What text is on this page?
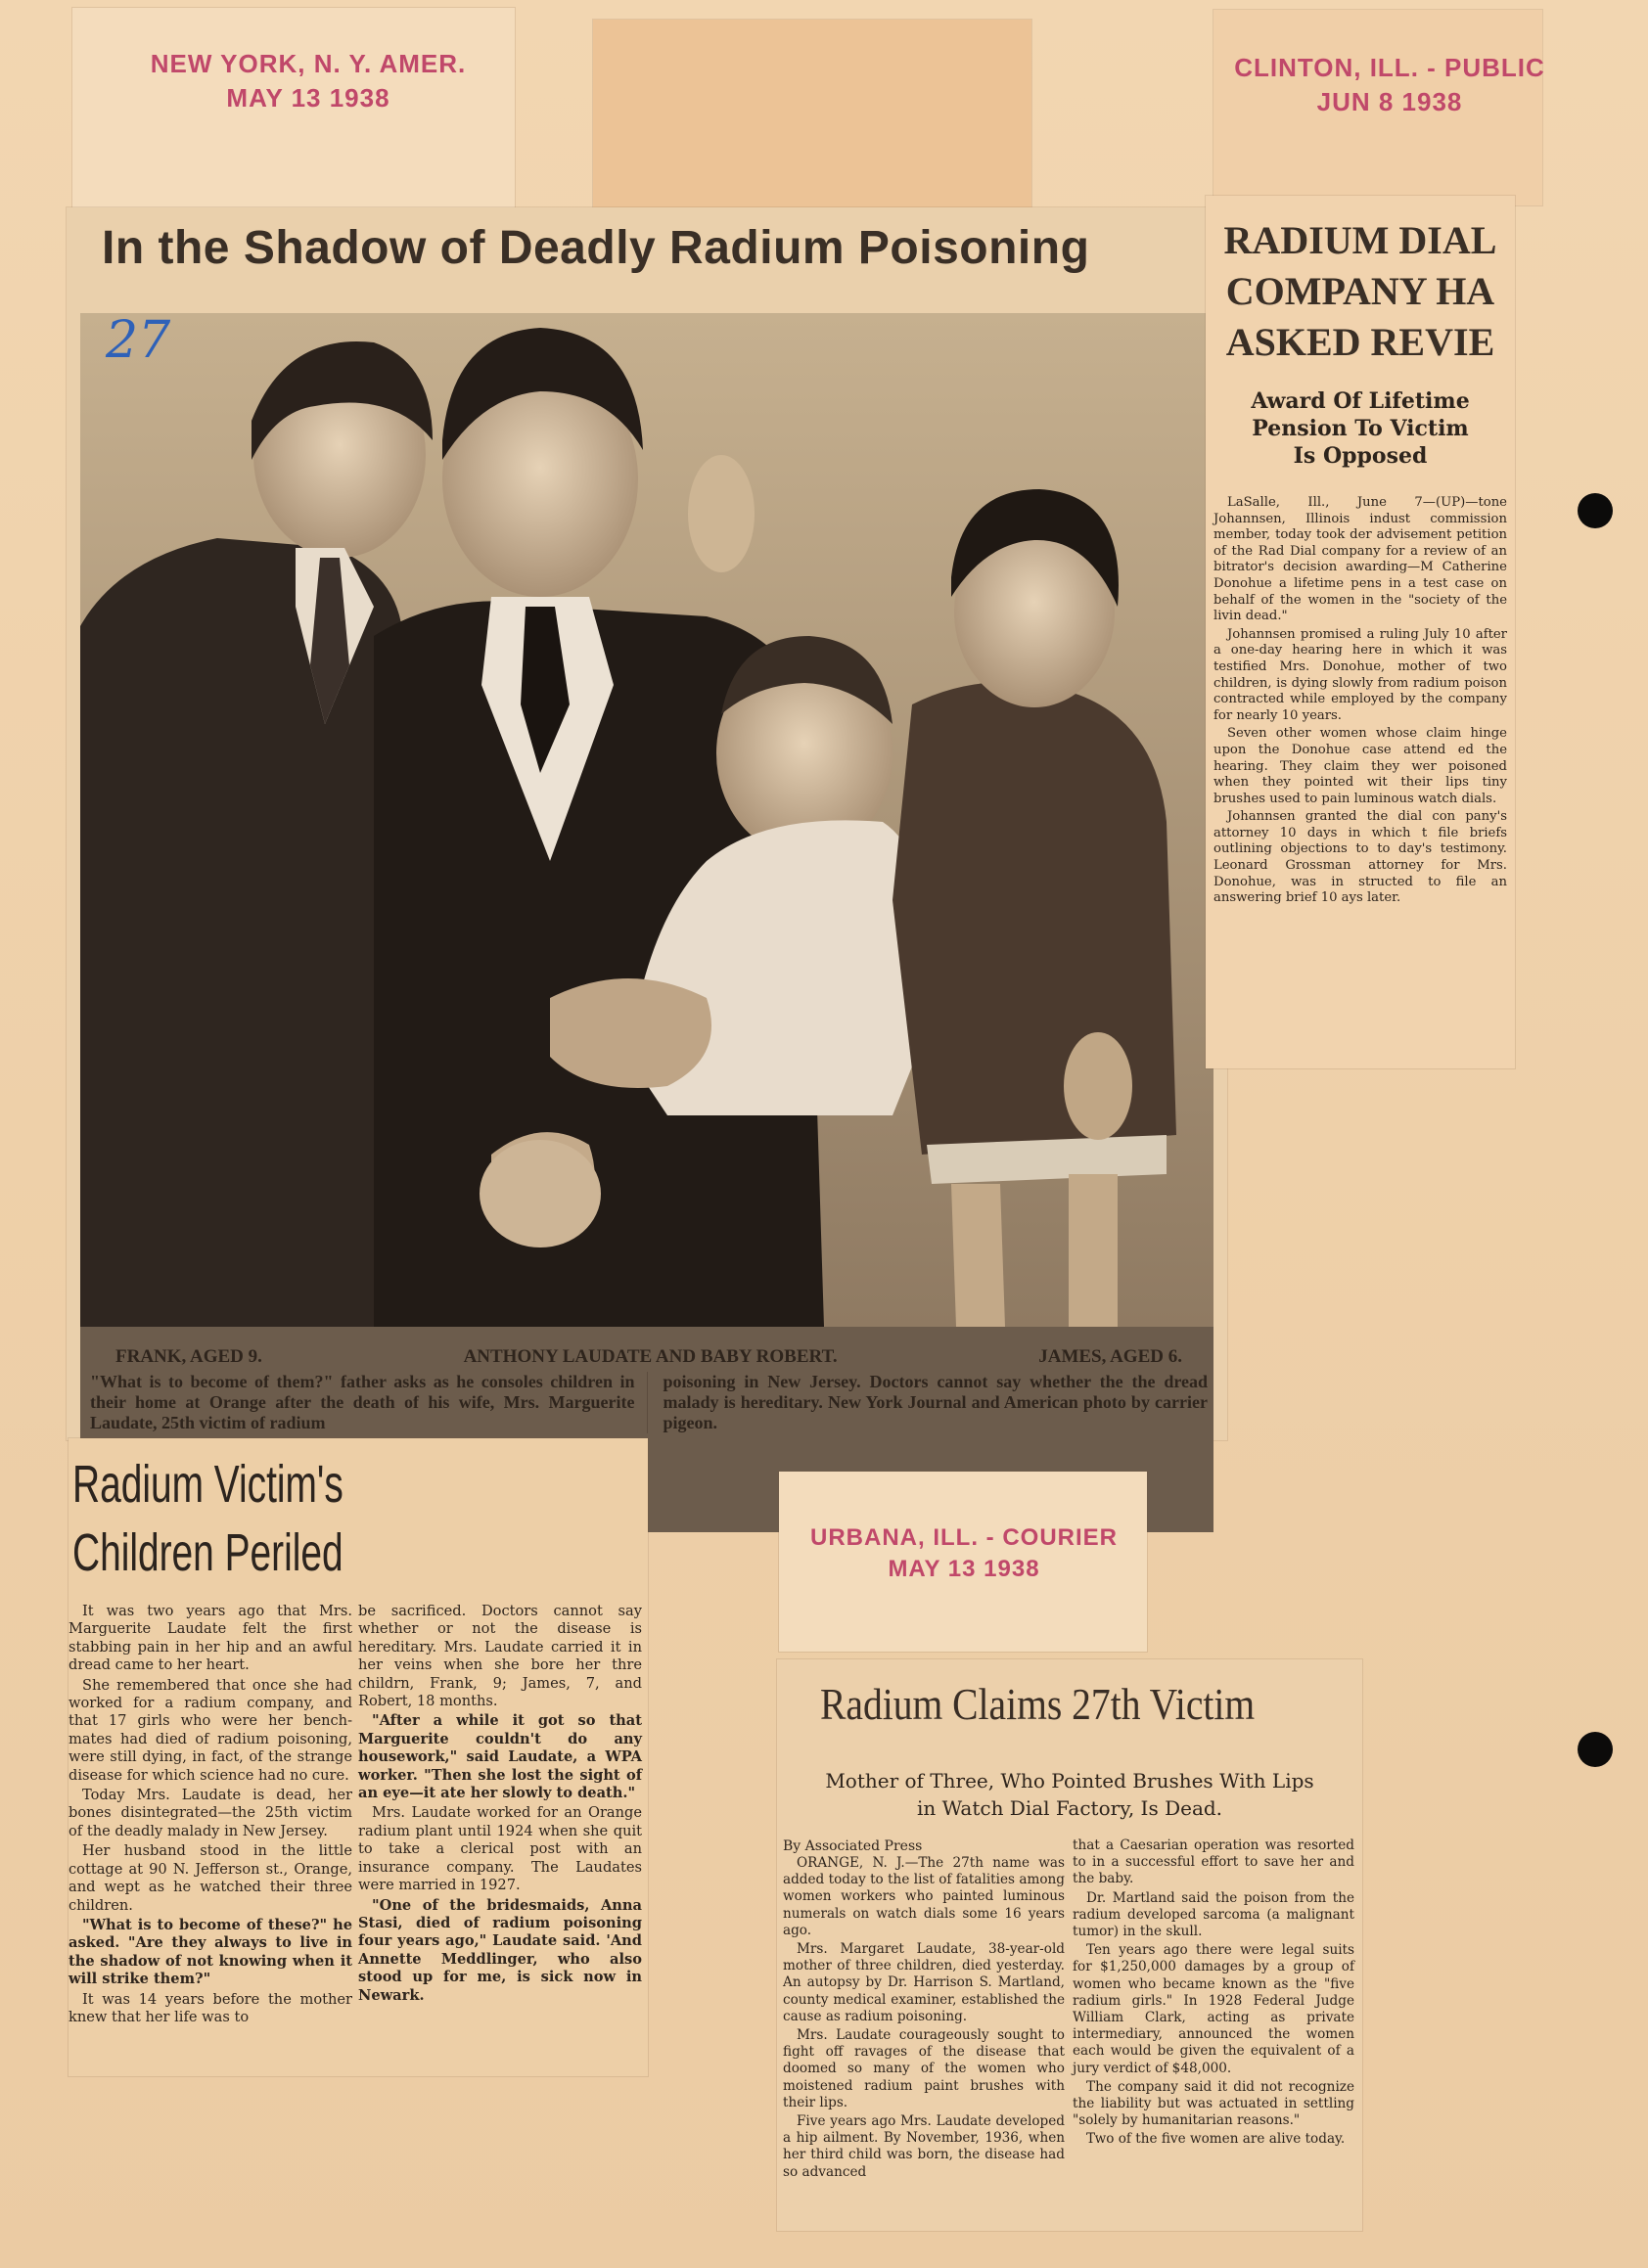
NEW YORK, N. Y. AMER.
MAY 13 1938
CLINTON, ILL. - PUBLIC
JUN 8 1938
In the Shadow of Deadly Radium Poisoning
27
FRANK, AGED 9.	ANTHONY LAUDATE AND BABY ROBERT.	JAMES, AGED 6.
"What is to become of them?" father asks as he consoles children in their home at Orange after the death of his wife, Mrs. Marguerite Laudate, 25th victim of radium
poisoning in New Jersey. Doctors cannot say whether the the dread malady is hereditary. New York Journal and American photo by carrier pigeon.
RADIUM DIAL
COMPANY HA
ASKED REVIE
Award Of Lifetime
Pension To Victim
Is Opposed

LaSalle, Ill., June 7—(UP)—tone Johannsen, Illinois indust commission member, today took der advisement petition of the Rad Dial company for a review of an bitrator's decision awarding—M Catherine Donohue a lifetime pens in a test case on behalf of the women in the "society of the livin dead."

Johannsen promised a ruling July 10 after a one-day hearing here in which it was testified Mrs. Donohue, mother of two children, is dying slowly from radium poison contracted while employed by the company for nearly 10 years.

Seven other women whose claim hinge upon the Donohue case attend ed the hearing. They claim they wer poisoned when they pointed wit their lips tiny brushes used to pain luminous watch dials.

Johannsen granted the dial con pany's attorney 10 days in which t file briefs outlining objections to to day's testimony. Leonard Grossman attorney for Mrs. Donohue, was in structed to file an answering brief 10 ays later.

Radium Victim's
Children Periled

It was two years ago that Mrs. Marguerite Laudate felt the first stabbing pain in her hip and an awful dread came to her heart.

She remembered that once she had worked for a radium company, and that 17 girls who were her bench-mates had died of radium poisoning, were still dying, in fact, of the strange disease for which science had no cure.

Today Mrs. Laudate is dead, her bones disintegrated—the 25th victim of the deadly malady in New Jersey.

Her husband stood in the little cottage at 90 N. Jefferson st., Orange, and wept as he watched their three children.

"What is to become of these?" he asked. "Are they always to live in the shadow of not knowing when it will strike them?"

It was 14 years before the mother knew that her life was to

be sacrificed. Doctors cannot say whether or not the disease is hereditary. Mrs. Laudate carried it in her veins when she bore her thre childrn, Frank, 9; James, 7, and Robert, 18 months.

"After a while it got so that Marguerite couldn't do any housework," said Laudate, a WPA worker. "Then she lost the sight of an eye—it ate her slowly to death."

Mrs. Laudate worked for an Orange radium plant until 1924 when she quit to take a clerical post with an insurance company. The Laudates were married in 1927.

"One of the bridesmaids, Anna Stasi, died of radium poisoning four years ago," Laudate said. 'And Annette Meddlinger, who also stood up for me, is sick now in Newark.

URBANA, ILL. - COURIER
MAY 13 1938
Radium Claims 27th Victim
Mother of Three, Who Pointed Brushes With Lips
in Watch Dial Factory, Is Dead.
By Associated Press

ORANGE, N. J.—The 27th name was added today to the list of fatalities among women workers who painted luminous numerals on watch dials some 16 years ago.

Mrs. Margaret Laudate, 38-year-old mother of three children, died yesterday. An autopsy by Dr. Harrison S. Martland, county medical examiner, established the cause as radium poisoning.

Mrs. Laudate courageously sought to fight off ravages of the disease that doomed so many of the women who moistened radium paint brushes with their lips.

Five years ago Mrs. Laudate developed a hip ailment. By November, 1936, when her third child was born, the disease had so advanced

that a Caesarian operation was resorted to in a successful effort to save her and the baby.

Dr. Martland said the poison from the radium developed sarcoma (a malignant tumor) in the skull.

Ten years ago there were legal suits for $1,250,000 damages by a group of women who became known as the "five radium girls." In 1928 Federal Judge William Clark, acting as private intermediary, announced the women each would be given the equivalent of a jury verdict of $48,000.

The company said it did not recognize the liability but was actuated in settling "solely by humanitarian reasons."

Two of the five women are alive today.
